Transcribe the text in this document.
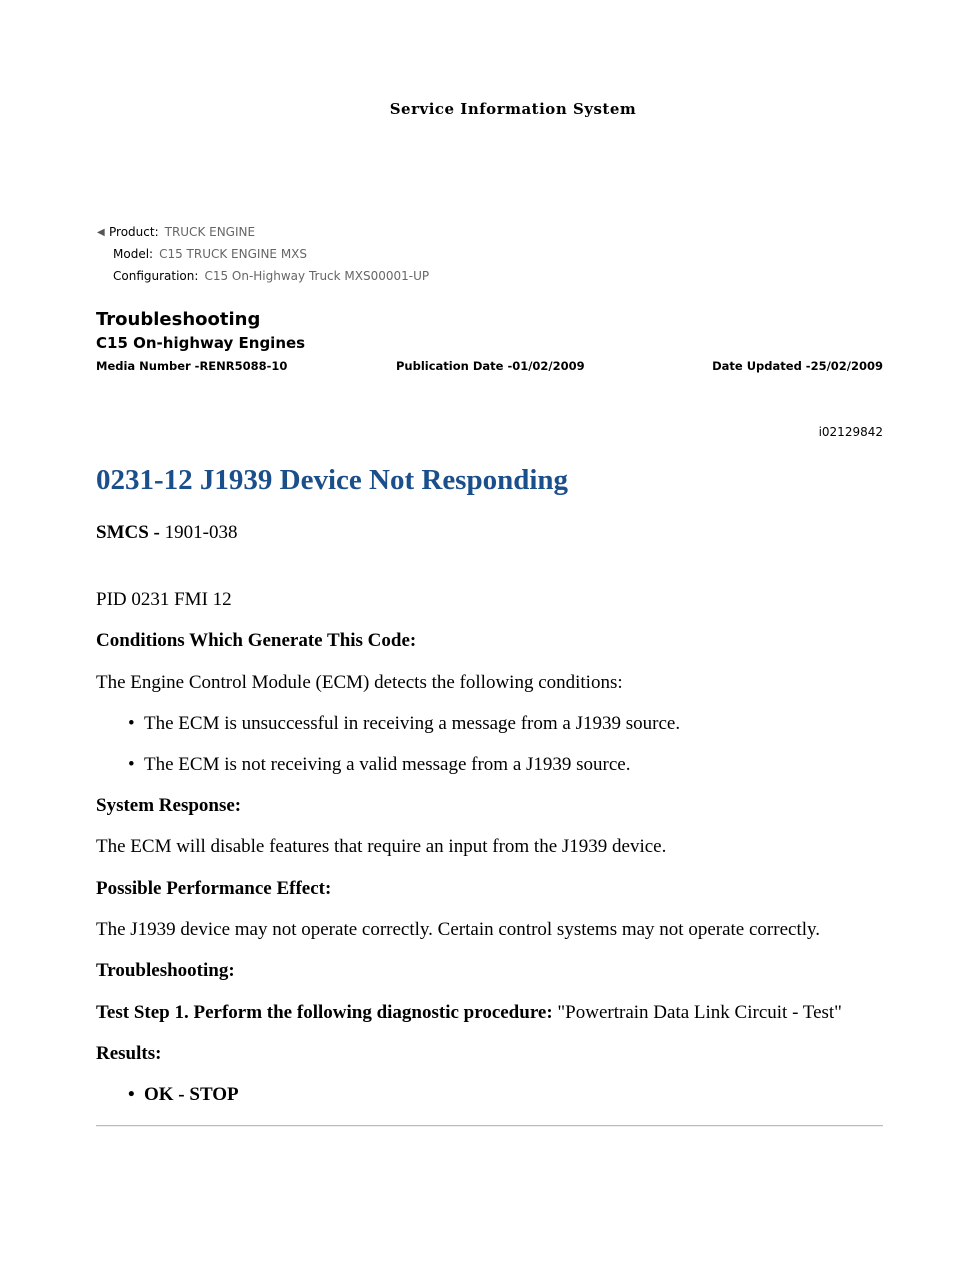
Service Information System
◀ Product: TRUCK ENGINE
Model: C15 TRUCK ENGINE MXS
Configuration: C15 On-Highway Truck MXS00001-UP
Troubleshooting
C15 On-highway Engines
Media Number -RENR5088-10	Publication Date -01/02/2009	Date Updated -25/02/2009
i02129842
0231-12 J1939 Device Not Responding
SMCS - 1901-038
PID 0231 FMI 12
Conditions Which Generate This Code:
The Engine Control Module (ECM) detects the following conditions:
• The ECM is unsuccessful in receiving a message from a J1939 source.
• The ECM is not receiving a valid message from a J1939 source.
System Response:
The ECM will disable features that require an input from the J1939 device.
Possible Performance Effect:
The J1939 device may not operate correctly. Certain control systems may not operate correctly.
Troubleshooting:
Test Step 1. Perform the following diagnostic procedure: "Powertrain Data Link Circuit - Test"
Results:
• OK - STOP
